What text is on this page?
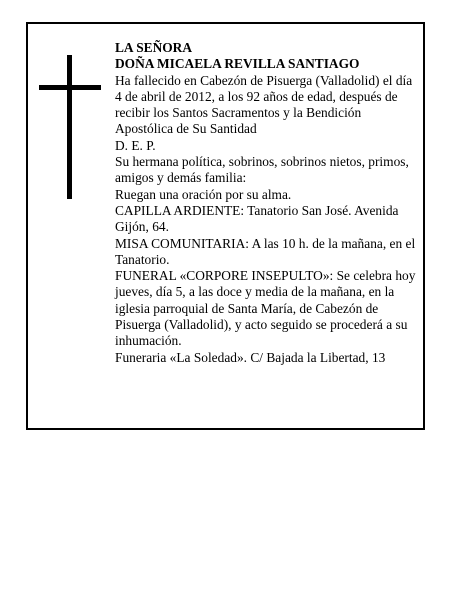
LA SEÑORA

DOÑA MICAELA REVILLA SANTIAGO

Ha fallecido en Cabezón de Pisuerga (Valladolid) el día 4 de abril de 2012, a los 92 años de edad, después de recibir los Santos Sacramentos y la Bendición Apostólica de Su Santidad

D. E. P.

Su hermana política, sobrinos, sobrinos nietos, primos, amigos y demás familia:

Ruegan una oración por su alma.

CAPILLA ARDIENTE: Tanatorio San José. Avenida Gijón, 64.

MISA COMUNITARIA: A las 10 h. de la mañana, en el Tanatorio.

FUNERAL «CORPORE INSEPULTO»: Se celebra hoy jueves, día 5, a las doce y media de la mañana, en la iglesia parroquial de Santa María, de Cabezón de Pisuerga (Valladolid), y acto seguido se procederá a su inhumación.

Funeraria «La Soledad». C/ Bajada la Libertad, 13
